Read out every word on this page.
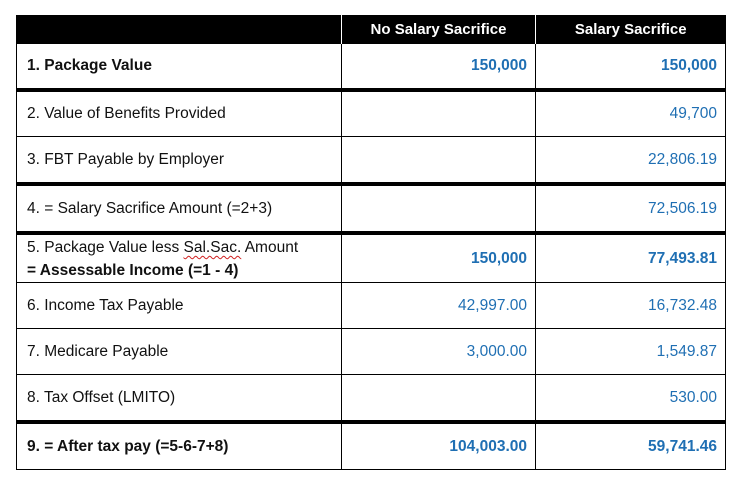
	No Salary Sacrifice	Salary Sacrifice
1. Package Value	150,000	150,000
2. Value of Benefits Provided		49,700
3. FBT Payable by Employer		22,806.19
4. = Salary Sacrifice Amount (=2+3)		72,506.19

5. Package Value less Sal.Sac. Amount
= Assessable Income (=1 - 4)	150,000	77,493.81
6. Income Tax Payable	42,997.00	16,732.48
7. Medicare Payable	3,000.00	1,549.87
8. Tax Offset (LMITO)		530.00
9. = After tax pay (=5-6-7+8)	104,003.00	59,741.46
